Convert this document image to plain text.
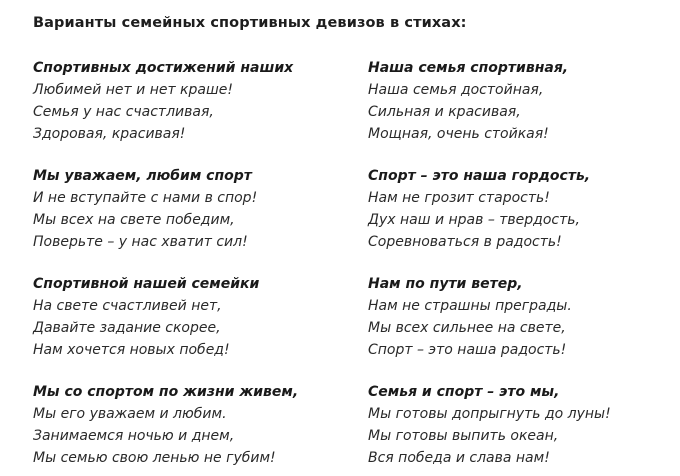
Варианты семейных спортивных девизов в стихах:
Спортивных достижений наших
Любимей нет и нет краше!
Семья у нас счастливая,
Здоровая, красивая!
Мы уважаем, любим спорт
И не вступайте с нами в спор!
Мы всех на свете победим,
Поверьте – у нас хватит сил!
Спортивной нашей семейки
На свете счастливей нет,
Давайте задание скорее,
Нам хочется новых побед!
Мы со спортом по жизни живем,
Мы его уважаем и любим.
Занимаемся ночью и днем,
Мы семью свою ленью не губим!
Наша семья спортивная,
Наша семья достойная,
Сильная и красивая,
Мощная, очень стойкая!
Спорт – это наша гордость,
Нам не грозит старость!
Дух наш и нрав – твердость,
Соревноваться в радость!
Нам по пути ветер,
Нам не страшны преграды.
Мы всех сильнее на свете,
Спорт – это наша радость!
Семья и спорт – это мы,
Мы готовы допрыгнуть до луны!
Мы готовы выпить океан,
Вся победа и слава нам!
